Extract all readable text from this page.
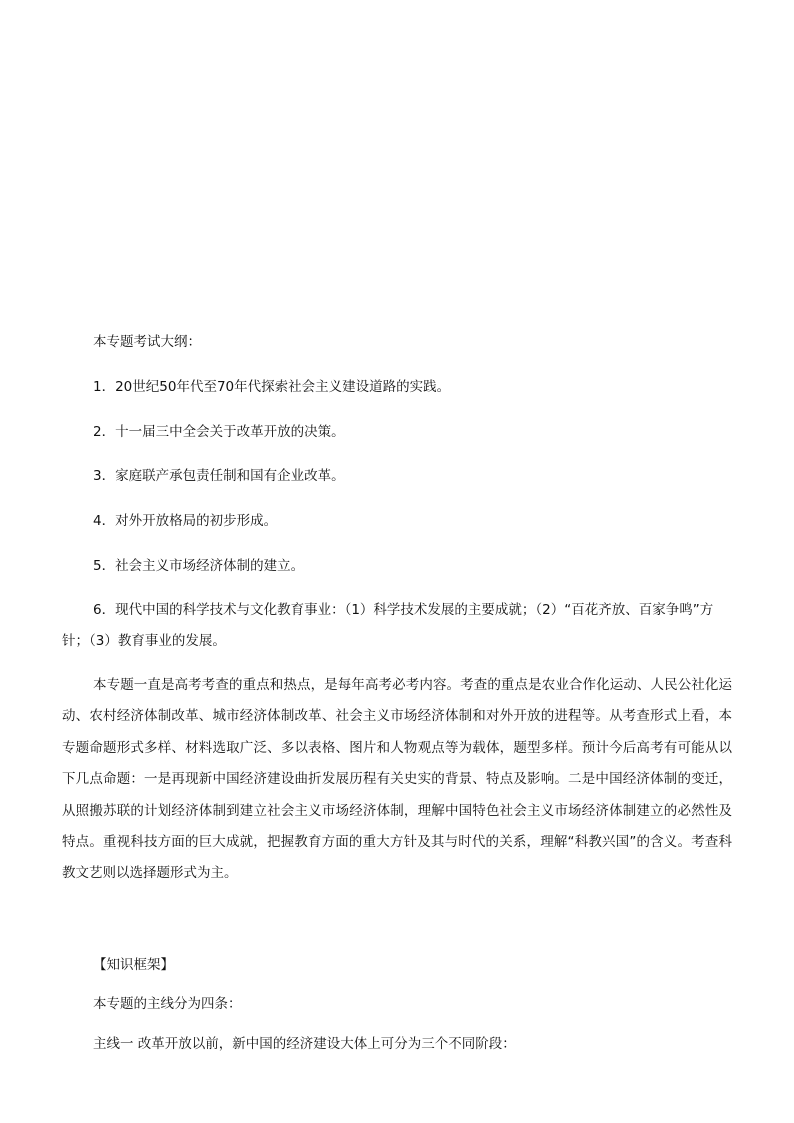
本专题考试大纲：
1．20世纪50年代至70年代探索社会主义建设道路的实践。
2．十一届三中全会关于改革开放的决策。
3．家庭联产承包责任制和国有企业改革。
4．对外开放格局的初步形成。
5．社会主义市场经济体制的建立。
6．现代中国的科学技术与文化教育事业：（1）科学技术发展的主要成就；（2）“百花齐放、百家争鸣”方针；（3）教育事业的发展。
本专题一直是高考考查的重点和热点，是每年高考必考内容。考查的重点是农业合作化运动、人民公社化运动、农村经济体制改革、城市经济体制改革、社会主义市场经济体制和对外开放的进程等。从考查形式上看，本专题命题形式多样、材料选取广泛、多以表格、图片和人物观点等为载体，题型多样。预计今后高考有可能从以下几点命题：一是再现新中国经济建设曲折发展历程有关史实的背景、特点及影响。二是中国经济体制的变迁，从照搬苏联的计划经济体制到建立社会主义市场经济体制，理解中国特色社会主义市场经济体制建立的必然性及特点。重视科技方面的巨大成就，把握教育方面的重大方针及其与时代的关系，理解“科教兴国”的含义。考查科教文艺则以选择题形式为主。
【知识框架】
本专题的主线分为四条：
主线一 改革开放以前，新中国的经济建设大体上可分为三个不同阶段：
